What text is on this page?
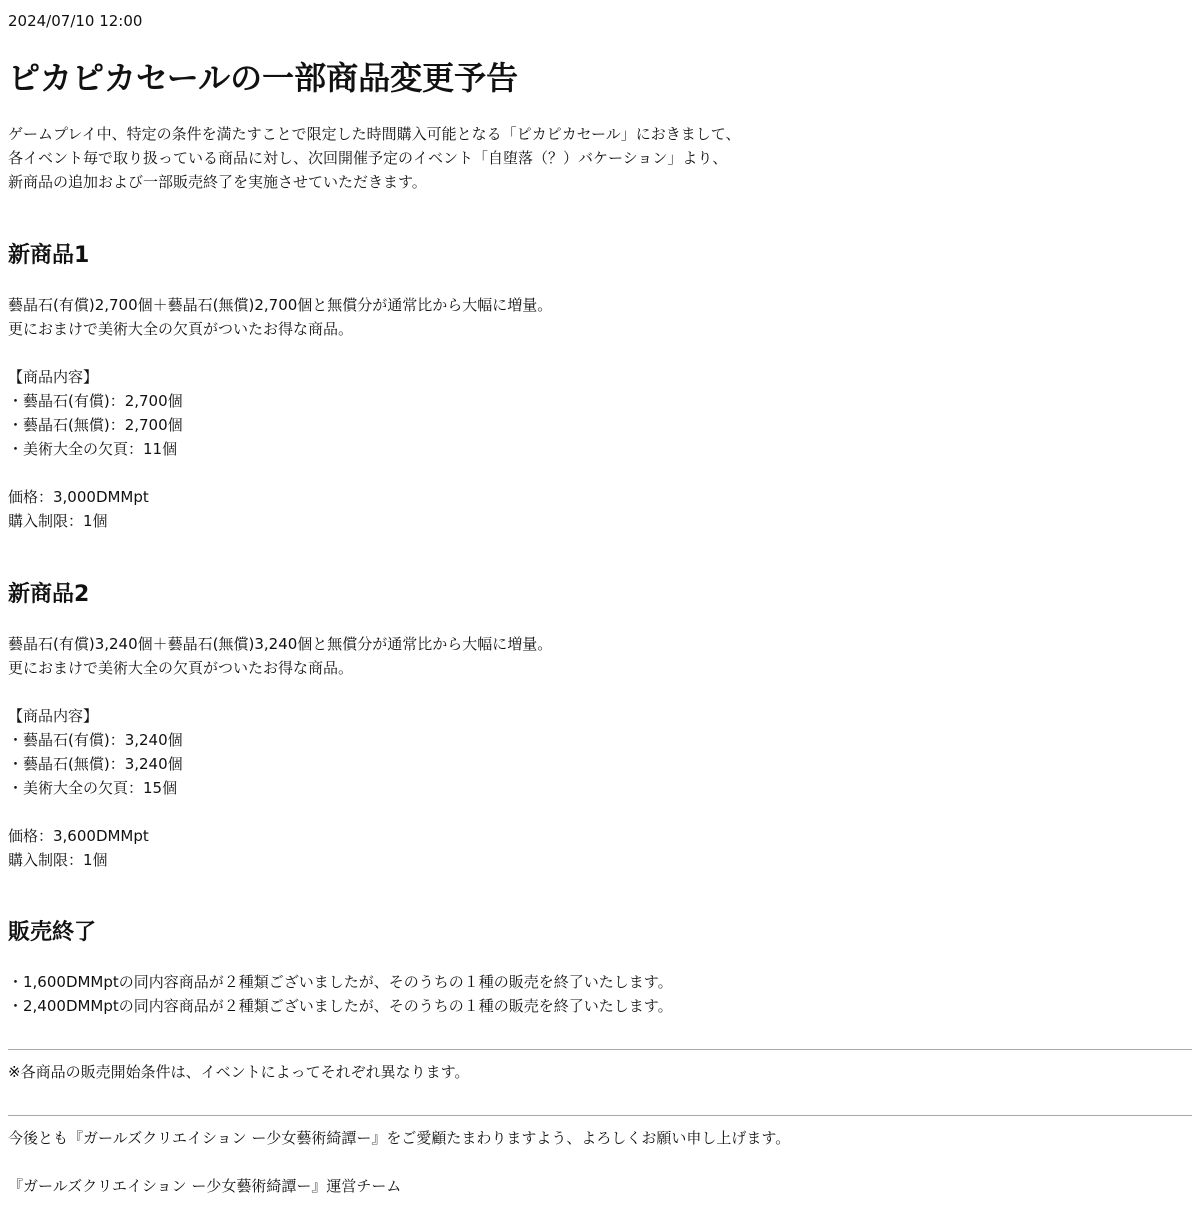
2024/07/10 12:00
ピカピカセールの一部商品変更予告
ゲームプレイ中、特定の条件を満たすことで限定した時間購入可能となる「ピカピカセール」におきまして、
各イベント毎で取り扱っている商品に対し、次回開催予定のイベント「自堕落（？）バケーション」より、
新商品の追加および一部販売終了を実施させていただきます。
新商品1
藝晶石(有償)2,700個＋藝晶石(無償)2,700個と無償分が通常比から大幅に増量。
更におまけで美術大全の欠頁がついたお得な商品。
【商品内容】
・藝晶石(有償)：2,700個
・藝晶石(無償)：2,700個
・美術大全の欠頁：11個
価格：3,000DMMpt
購入制限：1個
新商品2
藝晶石(有償)3,240個＋藝晶石(無償)3,240個と無償分が通常比から大幅に増量。
更におまけで美術大全の欠頁がついたお得な商品。
【商品内容】
・藝晶石(有償)：3,240個
・藝晶石(無償)：3,240個
・美術大全の欠頁：15個
価格：3,600DMMpt
購入制限：1個
販売終了
・1,600DMMptの同内容商品が２種類ございましたが、そのうちの１種の販売を終了いたします。
・2,400DMMptの同内容商品が２種類ございましたが、そのうちの１種の販売を終了いたします。
※各商品の販売開始条件は、イベントによってそれぞれ異なります。
今後とも『ガールズクリエイション ー少女藝術綺譚ー』をご愛顧たまわりますよう、よろしくお願い申し上げます。
『ガールズクリエイション ー少女藝術綺譚ー』運営チーム
